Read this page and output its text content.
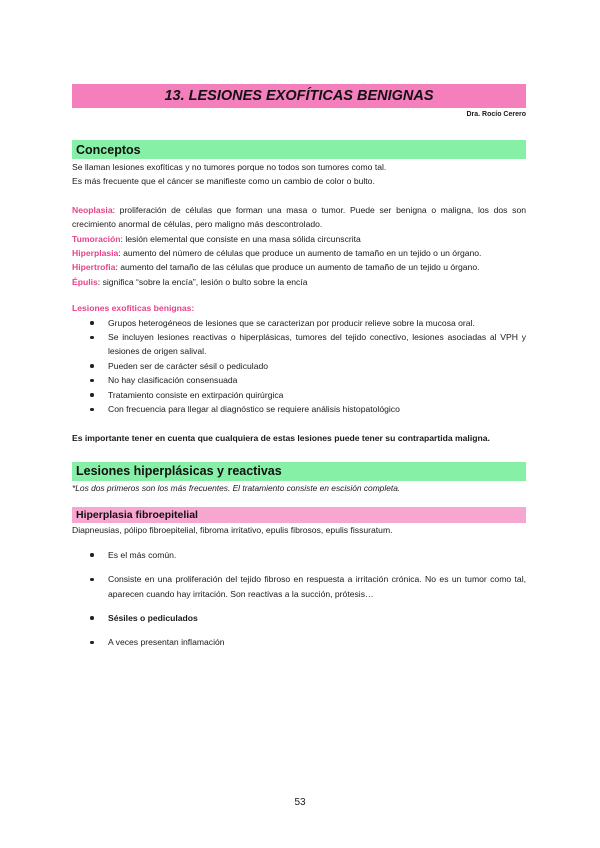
13. LESIONES EXOFÍTICAS BENIGNAS
Dra. Rocío Cerero
Conceptos

Se llaman lesiones exofíticas y no tumores porque no todos son tumores como tal.

Es más frecuente que el cáncer se manifieste como un cambio de color o bulto.

Neoplasia: proliferación de células que forman una masa o tumor. Puede ser benigna o maligna, los dos son crecimiento anormal de células, pero maligno más descontrolado.

Tumoración: lesión elemental que consiste en una masa sólida circunscrita

Hiperplasia: aumento del número de células que produce un aumento de tamaño en un tejido o un órgano.

Hipertrofia: aumento del tamaño de las células que produce un aumento de tamaño de un tejido u órgano.

Épulis: significa “sobre la encía”, lesión o bulto sobre la encía

Lesiones exofíticas benignas:

Grupos heterogéneos de lesiones que se caracterizan por producir relieve sobre la mucosa oral.
Se incluyen lesiones reactivas o hiperplásicas, tumores del tejido conectivo, lesiones asociadas al VPH y lesiones de origen salival.
Pueden ser de carácter sésil o pediculado
No hay clasificación consensuada
Tratamiento consiste en extirpación quirúrgica
Con frecuencia para llegar al diagnóstico se requiere análisis histopatológico

Es importante tener en cuenta que cualquiera de estas lesiones puede tener su contrapartida maligna.

Lesiones hiperplásicas y reactivas

*Los dos primeros son los más frecuentes. El tratamiento consiste en escisión completa.

Hiperplasia fibroepitelial

Diapneusias, pólipo fibroepitelial, fibroma irritativo, epulis fibrosos, epulis fissuratum.

Es el más común.
Consiste en una proliferación del tejido fibroso en respuesta a irritación crónica. No es un tumor como tal, aparecen cuando hay irritación. Son reactivas a la succión, prótesis…
Sésiles o pediculados
A veces presentan inflamación
53
